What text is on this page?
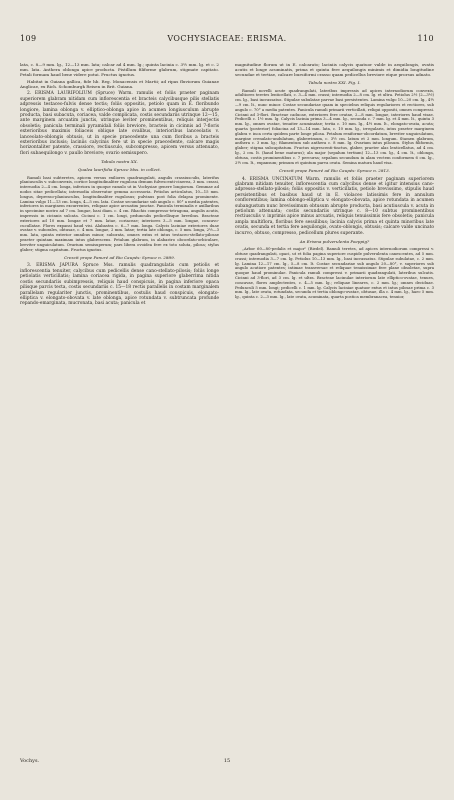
109	VOCHYSIACEAE: ERISMA.	110

lata, c. 8—9 mm. lg., 12—13 mm. lata; calcar ad 4 mm. lg.; quinta lacinia c. 3½ mm. lg. et c. 2 mm. lata. Anthera oblonga apice producta. Pistillum filiforme glabrum, stigmate capitato. Petali formam haud bene videre potui. Fructus ignotus.

Habitat in Guiana gallica, fide hb. Reg. Monacensis et Martii; ad ripas fluviorum Guianae Anglicae, ex Rich. Schomburgk Reisen in Brit. Guiana.

2. ERISMA LAURIFOLIUM (Spruce) Warm. ramulis et foliis praeter paginam superiorem glabram nitidam cum inflorescentia et bracteis calycibusque pilis stellatis adpressis testaceo-fulvis dense tectis; foliis oppositis, petiolo quam in E. floribundo longiore, lamina oblonga v. elliptico-oblonga apice in acumen longiusculum abrupte producta, basi subacuta, coriacea, valde complicata, costis secundariis utrinque 12—15, ante marginem arcuatim junctis, utrinque leviter prominentibus, reliquis interjectis obsoletis; panicula terminali pyramidali foliis breviore, bracteis in cicinnis ad 7-floris exterioribus maximis foliaceis oblique late ovalibus, interioribus lanceolatis v. lanceolato-oblongis obtusis, ut in specie praecedente una cum floribus a bracteis exterioribus inclusis; laciniis calycinis fere ut in specie praecedente, calcare magis horizontaliter patente, crassiore, rectiusculo, subcompresso, apicem versus attenuato, flori subaequilongo v. paullo breviore; ovario semisupero.

Tabula nostra XX.

Qualea laurifolia Spruce Mss. in collect.

Ramuli basi subteretes, apicem versus exiliores quadrangulati, angulis crassiusculis, laterifus planiusculis v. subconvexis, cortice longitudinaliter rugulosa demum fulvescenti-cinerea, 3 mm. crassi, internodia 2—4 cm. longa, inferiora in quoque ramulo ut in Vochysiae genere longiorum. Gemmae ad nodos sitae pedicellata; internodia observatur gemma accessoria. Petiolus articulatus, 10—15 mm. longus, depresso-planiusculus, longitudinaliter rugulosus; pulvinus post folia delapsa prominente. Lamina vulgo 11—13 cm. longa, 4—5 cm. lata. Costae secundariae sub angulo c. 80° a media patentes, inferiores in marginem excurrentes, reliquae apice arcuatim junctae. Panicula terminalis e axillaribus in specimine nostro ad 7 cm. longae, basi diam. c. 4 cm. Rhachis compresso-tetragona, angulis acutis, impressis in cicinnis sulcata. Cicinni c. 1 cm. longi, pedunculis pedicellisque brevibus. Bracteae exteriores ad 10 mm. longae et 7 mm. latae, coriaceae; interiores 3—5 mm. longae, concavo-cucullatae. Flores expansi haud visi. Alabastra c. 6—7 mm. longa. Calycis laciniae exteriores duae ovatae v. suborales, obtusae, c. 4 mm. longae, 2 mm. latae; tertia late oblonga, c. 5 mm. longa, 2½—3 mm. lata, quinta exterior omnibus minor, suborata, omnes extus et intus testaceo-stellato-pilosae praeter quintam maximam intus glabrescens. Petalum glabrum, in alabastro obcordato-orbiculare, breviter unguiculatum. Ovarium semisuperum; pars libera ovoidea fere ex toto soluta, pilosa; stylus glaber; stigma capitatum. Fructus ignotus.

Crescit prope Panuré ad Rio Caupés: Spruce n. 2889.

3. ERISMA JAPURA Spruce Mss. ramulis quadrangulatis cum petiolis et inflorescentia tenuiter, calycibus cum pedicellis dense cano-stellato-pilosis; foliis longe petiolatis verticillatis; lamina coriacea rigida, in pagina superiore glaberrima nitida costis secundariis subimpressis, reliquis haud conspicuis, in pagina inferiore opaca pilisque parcis tecta, costis secundariis c. 15—18 rectis parallelis in costam marginalem parallelam regulariter junctis, prominentibus, costulis haud conspicuis, elongato-elliptica v. elongato-obovata v. late oblonga, apice rotundata v. subtruncata profunde repando-emarginata, mucronata, basi acuta; panicula et

magnitudine florum ut in E. calcarato; laciniis calycis quatuor valde in aequilongis, ovatis acutis et longe acuminatis, prima et quinta fere aequilongis minimis et dimidia longitudine secundae et tertiae, calcare bursiformi crasso quam pedicellus breviore eique prorsus adnato.

Tabula nostra XXI. Fig. I.

Ramuli novelli acute quadrangulati, lateribus impressis ad apices internodiorum convexis, adultiores teretes lenticellati, c. 3—4 mm. crassi; internodia 2—8 cm. lg. et ultra. Petiolus 2½ (2—3½) cm. lg., basi incrassatus. Stipulae subulatae parvae basi persistentes. Lamina vulgo 10—20 cm. lg., 4½—9 cm. lt., nunc minor. Costae secundariae quam in speciebus reliquis regulariores et rectiores, sub angulo c. 70° a media patentes. Panicula ramuli primarii verticillati, reliqui oppositi, omnes compressi. Cicinni ad 3-flori. Bracteae caducae, exteriores fere ovatae, 2—8 mm. longae, interiores haud visae. Pedicelli c. 1½ mm. lg. Calycis lacinia prima 3—4 mm. lg., secunda c. 7 mm. lg. et 4 mm. lt., quinta 3 mm. lg., omnes ovatae, tenuiter acuminatae; tertia c. 10 mm. lg., 4½ mm. lt., elongato-ovata, acuta; quarta (posterior) foliacina ad 13—14 mm. lata, c. 10 mm. lg., irregularis, intus praeter marginem glabra v. inca certa quidem parte longe pilosa. Petalum reniforme-obcordatum, breviter unguiculatum, margine crenulato-undulatum, glaberrimum, c. 3½ cm. latum et 2 mm. longum. Stamen glabrum, anthera c. 3 mm. lg.; filamentum sub anthera c. 8 mm. lg. Ovarium intus pilosum. Stylus filiformis, glaber; stigma subcapitatum. Fructus nigrescenti-tinctus, glaber, praeter alas lenticellatus, ad 4 cm. lg., 2 cm. lt. (haud bene maturus); ala major (sepalum tertium) 12—13 cm. lg., 4 cm. lt., oblonga, obtusa, costis prominentibus c. 7 percursa; sepalum secundum in alam vectem conformem 6 cm. lg., 2½ cm. lt., expansum; primum et quintum parva ovata. Semina matura haud visa.

Crescit prope Panuré ad Rio Caupés: Spruce n. 2813.

4. ERISMA UNCINATUM Warm. ramulis et foliis praeter paginam superiorem glabram nitidam tenuiter, inflorescentia cum calycibus dense et igitur intensius cano-adpresso-stellato-pilosis; foliis oppositis v. verticillatis, petiolo brevissimo, stipulis haud persistentibus et basibus haud ut in E. violaceo latissimis fere in annulum conflorentibus; lamina oblongo-elliptica v. elongato-obovata, apice rotundata in acumen subangustum nunc brevissimum obtusum abrupte producta, basi acutiuscula v. acuta in petiolum attenuata; costis secundariis utrinque c. 8—10 subtus prominentibus rectiusculis v. inprimis apice minus arcuatis, reliquis tenuissimis fere obsoletis; panicula ampla multiflora, floribus fere sessilibus; lacinia calycis prima et quinta minoribus late ovatis, secunda et tertia fere aequilongis, ovato-oblongis, obtusis; calcare valde uncinato incurvo, obtuso, compresso, pedicellum plures superante.

An Erisma pulverulenta Poeppig?

„Arbor 60—80-pedalis et major" (Riedel). Ramuli teretes, ad apices internodiorum compressi v. obtuse quadrangulati, opaci, ut et folia pagina superiore cuspide pulverulenta canescentes, ad 5 mm. crassi; internodia 3—7 cm. lg. Petiolus 10—13 mm. lg., basi incrassatus. Stipulae subulatae, c. 2 mm. lg. Lamina 12—17 cm. lg., 5—8 cm. lt. Costae secundariae sub angulo 20—80°, v. superiores sub angulo acutiore patentes; intimae transversae et reliquae tenuissimae fere plane obsoletae, supra quoque haud prominulae. Panicula ramuli compressi v. primarii quadrangulati, lateribus sulcatis. Cicinni ad 3-flori, ad 3 cm. lg. et ultra. Bracteae lacinulae interiorum late elliptico-ovatae, tenues, concavae, flores amplectentes, c. 4—5 mm. lg.; reliquae lineares, c. 2 mm. lg.; omnes deciduae. Pedunculi 5 mm. longi; pedicelli c. 1 mm. lg. Calycis laciniae quatuor extus et intus pilosae prima c. 3 mm. lg., late ovata, rotundata, secunda et tertia oblongo-ovatae, obtusae, illa c. 4 mm. lg., haec 5 mm. lg., quinta c. 2—3 mm. lg., late ovata, acuminata, quarta postica membranacea, tenuior,

Vochys.	15
